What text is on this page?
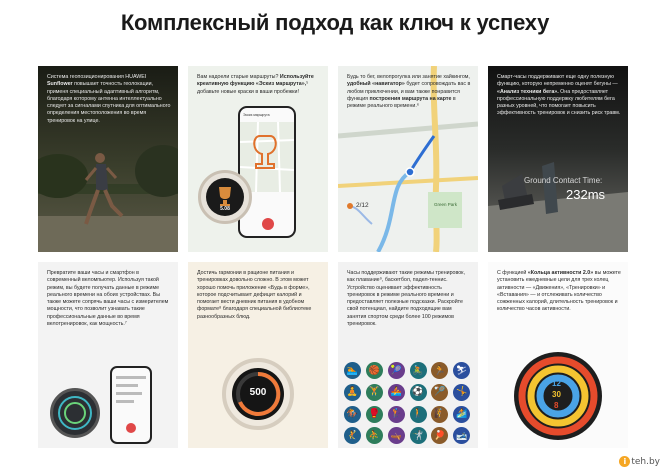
Комплексный подход как ключ к успеху
Система геопозиционирования HUAWEI Sunflower повышает точность геолокации, применя специальный адаптивный алгоритм, благодаря которому антенна интеллектуально следует за сигналами спутника для оптимального определения местоположения во время тренировок на улице.
Вам надоели старые маршруты? Используйте креативную функцию «Эскиз маршрута»,⁵ добавьте новые краски в ваши пробежки!
Эскиз маршрута
5.08
Будь то бег, велопрогулка или занятие хайкингом, удобный «навигатор» будет сопровождать вас в любом приключении, и вам также понравится функция построения маршрута на карте в режиме реального времени.⁶
2/12	Green Park
Смарт-часы поддерживают еще одну полезную функцию, которую непременно оценят бегуны — «Анализ техники бега». Она предоставляет профессиональную поддержку любителям бега разных уровней, что помогает повысить эффективность тренировок и снизить риск травм.
Ground Contact Time:
232ms
Превратите ваши часы и смартфон в современный веломпьютер. Используя такой режим, вы будете получать данные в режиме реального времени на обоих устройствах. Вы также можете сопрячь ваши часы с измерителем мощности, что позволит узнавать такие профессиональные данные во время велотренировок, как мощность.⁷
Достичь гармонии в рационе питания и тренировках довольно сложно. В этом может хорошо помочь приложение «Будь в форме», которое подсчитывает дефицит калорий и помогает вести дневник питания в удобном формате⁸ благодаря специальной библиотеке разнообразных блюд.
500
Часы поддерживают такие режимы тренировок, как плавание⁹, баскетбол, падел-теннис. Устройство оценивает эффективность тренировок в режиме реального времени и предоставляет полезные подсказки. Раскройте свой потенциал, найдите подходящие вам занятия спортом среди более 100 режимов тренировок.
🏊	🏀	🎾	🚴	🏃	⛷
🧘	🏋	🚣	⚽	🏸	🤸
🏇	🥊	🏌	🚶	🧗	🏄
🤾	⛹	🛶	🤺	🏓	🎿
С функцией «Кольца активности 2.0» вы можете установить ежедневные цели для трех колец активности — «Движения», «Тренировки» и «Вставания» — и отслеживать количество сожженных калорий, длительность тренировок и количество часов активности.
12
30
8
i teh.by
